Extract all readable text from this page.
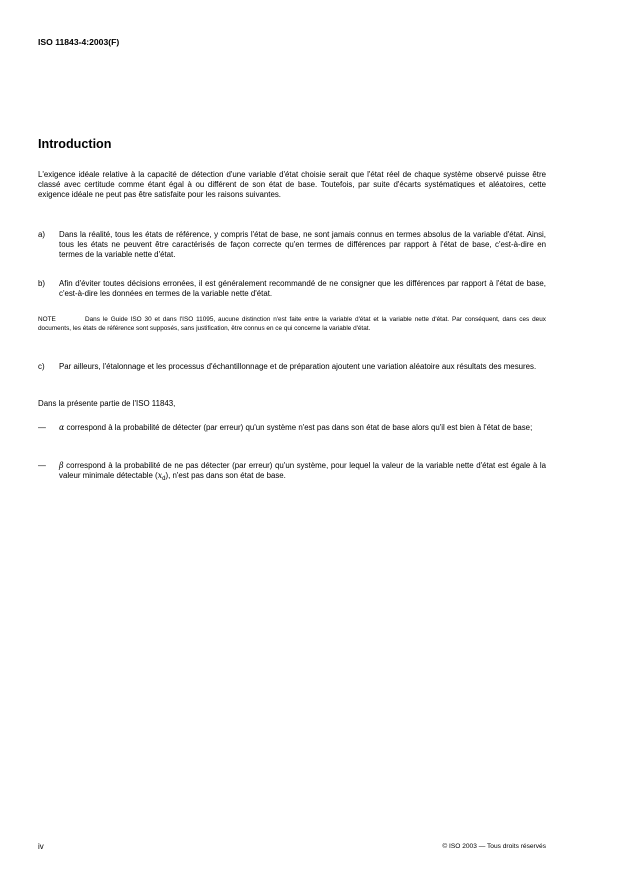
ISO 11843-4:2003(F)
Introduction
L'exigence idéale relative à la capacité de détection d'une variable d'état choisie serait que l'état réel de chaque système observé puisse être classé avec certitude comme étant égal à ou différent de son état de base. Toutefois, par suite d'écarts systématiques et aléatoires, cette exigence idéale ne peut pas être satisfaite pour les raisons suivantes.
a) Dans la réalité, tous les états de référence, y compris l'état de base, ne sont jamais connus en termes absolus de la variable d'état. Ainsi, tous les états ne peuvent être caractérisés de façon correcte qu'en termes de différences par rapport à l'état de base, c'est-à-dire en termes de la variable nette d'état.
b) Afin d'éviter toutes décisions erronées, il est généralement recommandé de ne consigner que les différences par rapport à l'état de base, c'est-à-dire les données en termes de la variable nette d'état.
NOTE	Dans le Guide ISO 30 et dans l'ISO 11095, aucune distinction n'est faite entre la variable d'état et la variable nette d'état. Par conséquent, dans ces deux documents, les états de référence sont supposés, sans justification, être connus en ce qui concerne la variable d'état.
c) Par ailleurs, l'étalonnage et les processus d'échantillonnage et de préparation ajoutent une variation aléatoire aux résultats des mesures.
Dans la présente partie de l'ISO 11843,
— α correspond à la probabilité de détecter (par erreur) qu'un système n'est pas dans son état de base alors qu'il est bien à l'état de base;
— β correspond à la probabilité de ne pas détecter (par erreur) qu'un système, pour lequel la valeur de la variable nette d'état est égale à la valeur minimale détectable $(x_d)$, n'est pas dans son état de base.
iv	© ISO 2003 — Tous droits réservés
